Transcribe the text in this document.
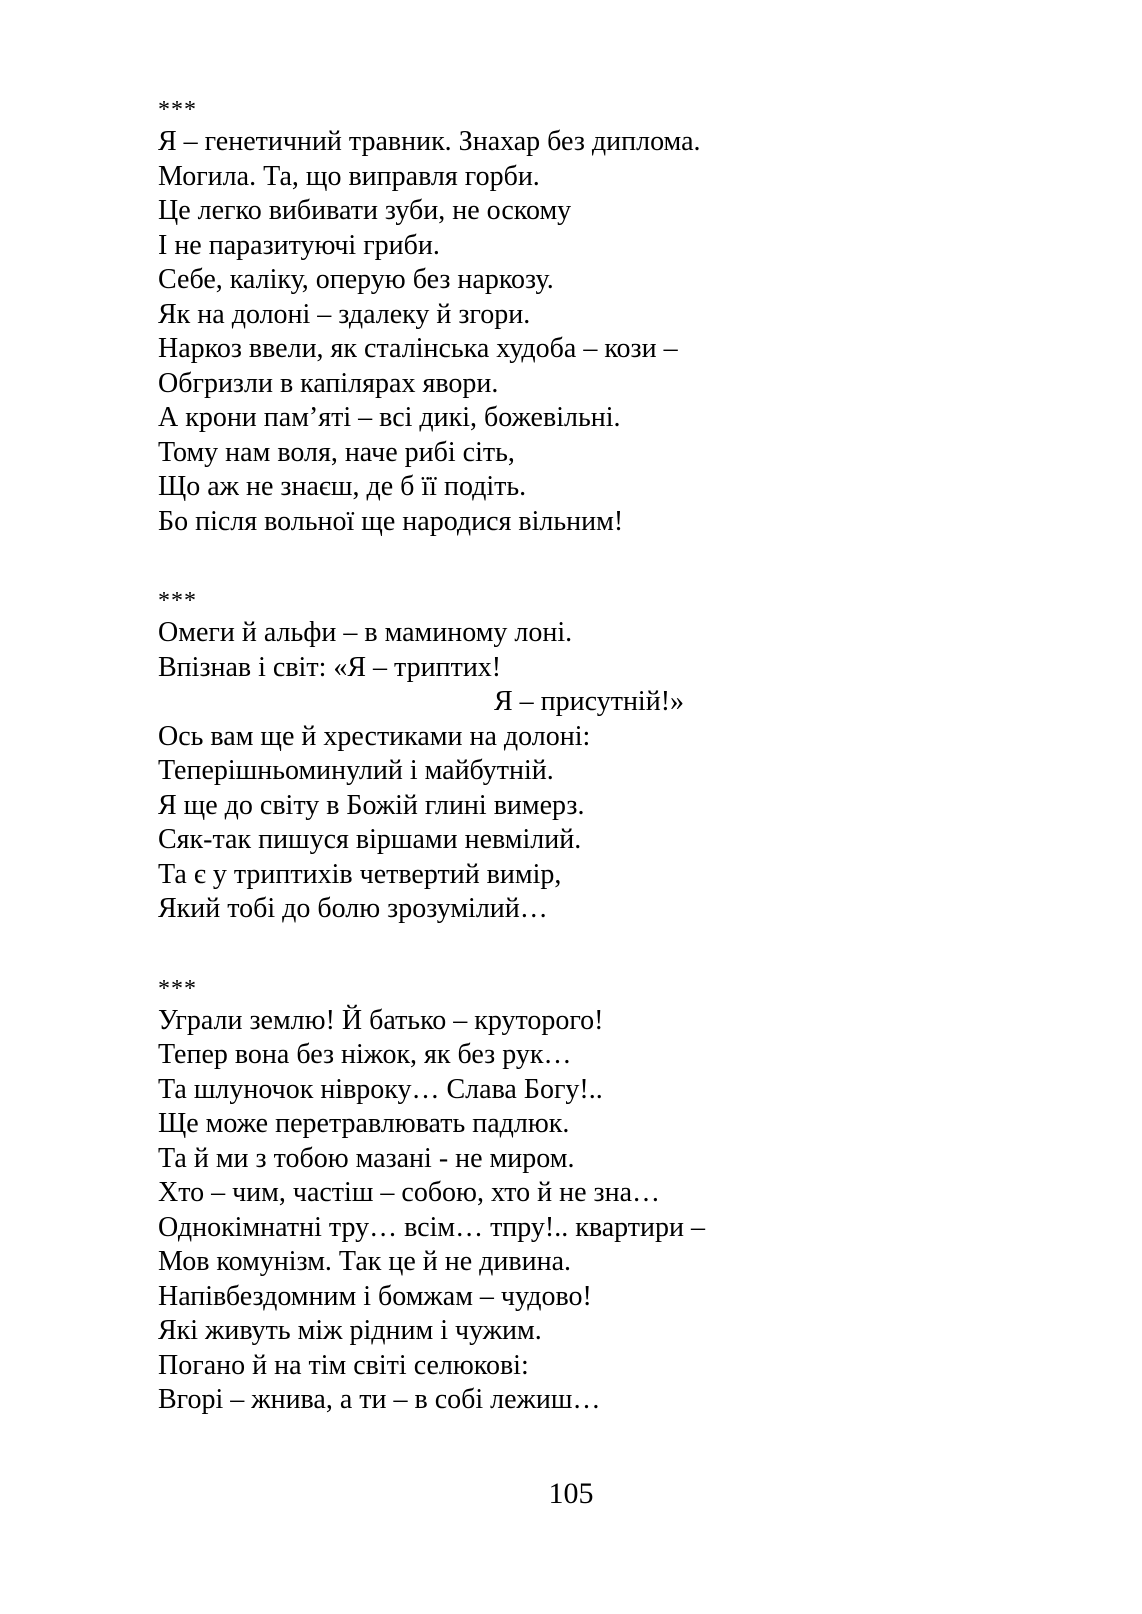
***
Я – генетичний травник. Знахар без диплома.
Могила. Та, що виправля горби.
Це легко вибивати зуби, не оскому
І не паразитуючі гриби.
Себе, каліку, оперую без наркозу.
Як на долоні – здалеку й згори.
Наркоз ввели, як сталінська худоба – кози –
Обгризли в капілярах явори.
А крони пам’яті – всі дикі, божевільні.
Тому нам воля, наче рибі сіть,
Що аж не знаєш, де б її подіть.
Бо після вольної ще народися вільним!
***
Омеги й альфи – в маминому лоні.
Впізнав і світ: «Я – триптих!
Я – присутній!»
Ось вам ще й хрестиками на долоні:
Теперішньоминулий і майбутній.
Я ще до світу в Божій глині вимерз.
Сяк-так пишуся віршами невмілий.
Та є у триптихів четвертий вимір,
Який тобі до болю зрозумілий…
***
Уграли землю! Й батько – круторого!
Тепер вона без ніжок, як без рук…
Та шлуночок нівроку… Слава Богу!..
Ще може перетравлювать падлюк.
Та й ми з тобою мазані - не миром.
Хто – чим, частіш – собою, хто й не зна…
Однокімнатні тру… всім… тпру!.. квартири –
Мов комунізм. Так це й не дивина.
Напівбездомним і бомжам – чудово!
Які живуть між рідним і чужим.
Погано й на тім світі селюкові:
Вгорі – жнива, а ти – в собі лежиш…
105
